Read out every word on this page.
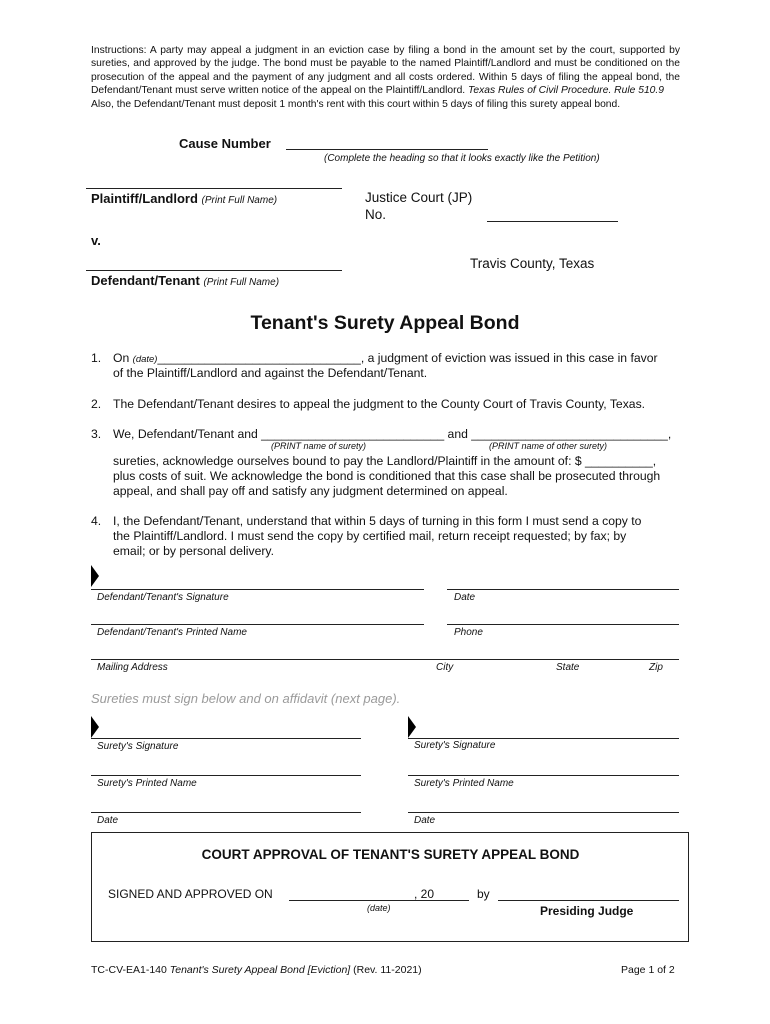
Instructions: A party may appeal a judgment in an eviction case by filing a bond in the amount set by the court, supported by sureties, and approved by the judge. The bond must be payable to the named Plaintiff/Landlord and must be conditioned on the prosecution of the appeal and the payment of any judgment and all costs ordered. Within 5 days of filing the appeal bond, the Defendant/Tenant must serve written notice of the appeal on the Plaintiff/Landlord. Texas Rules of Civil Procedure. Rule 510.9

Also, the Defendant/Tenant must deposit 1 month's rent with this court within 5 days of filing this surety appeal bond.

Cause Number
(Complete the heading so that it looks exactly like the Petition)
Plaintiff/Landlord (Print Full Name)	Justice Court (JP)
No.
v.
Travis County, Texas
Defendant/Tenant (Print Full Name)
Tenant's Surety Appeal Bond
1. On (date)______________________________, a judgment of eviction was issued in this case in favor
of the Plaintiff/Landlord and against the Defendant/Tenant.
2. The Defendant/Tenant desires to appeal the judgment to the County Court of Travis County, Texas.
3. We, Defendant/Tenant and ___________________________ and _____________________________,
(PRINT name of surety)	(PRINT name of other surety)
sureties, acknowledge ourselves bound to pay the Landlord/Plaintiff in the amount of: $ __________,
plus costs of suit. We acknowledge the bond is conditioned that this case shall be prosecuted through
appeal, and shall pay off and satisfy any judgment determined on appeal.
4. I, the Defendant/Tenant, understand that within 5 days of turning in this form I must send a copy to
the Plaintiff/Landlord. I must send the copy by certified mail, return receipt requested; by fax; by
email; or by personal delivery.
Defendant/Tenant's Signature	Date
Defendant/Tenant's Printed Name	Phone
Mailing Address	City	State	Zip
Sureties must sign below and on affidavit (next page).
Surety's Signature	Surety's Signature
Surety's Printed Name	Surety's Printed Name
Date	Date
COURT APPROVAL OF TENANT'S SURETY APPEAL BOND
SIGNED AND APPROVED ON	, 20	by
(date)	Presiding Judge
TC-CV-EA1-140 Tenant's Surety Appeal Bond [Eviction] (Rev. 11-2021)	Page 1 of 2
